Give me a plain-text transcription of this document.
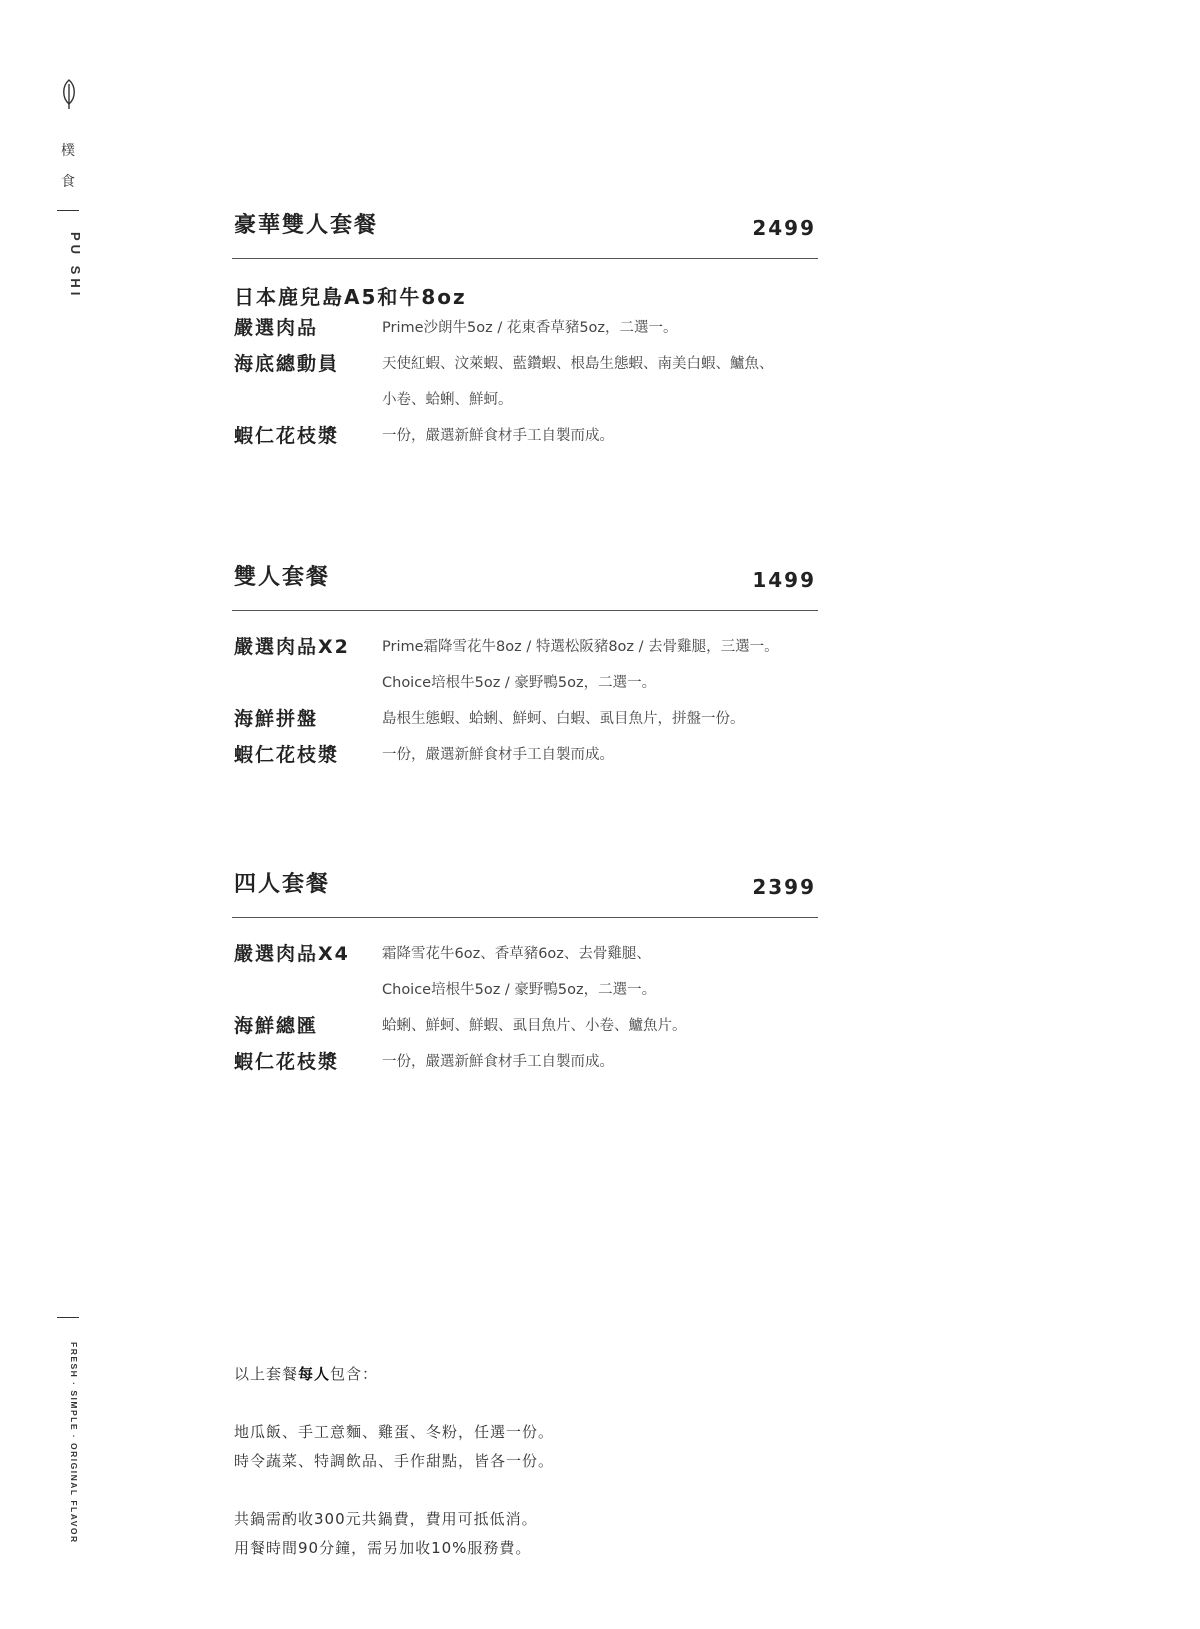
樸
食
PU SHI
FRESH · SIMPLE · ORIGINAL FLAVOR
豪華雙人套餐	2499
日本鹿兒島A5和牛8oz
嚴選肉品	Prime沙朗牛5oz / 花東香草豬5oz，二選一。
海底總動員	天使紅蝦、汶萊蝦、藍鑽蝦、根島生態蝦、南美白蝦、鱸魚、
小卷、蛤蜊、鮮蚵。
蝦仁花枝漿	一份，嚴選新鮮食材手工自製而成。
雙人套餐	1499
嚴選肉品X2 Prime霜降雪花牛8oz / 特選松阪豬8oz / 去骨雞腿，三選一。
Choice培根牛5oz / 豪野鴨5oz，二選一。
海鮮拼盤	島根生態蝦、蛤蜊、鮮蚵、白蝦、虱目魚片，拼盤一份。
蝦仁花枝漿	一份，嚴選新鮮食材手工自製而成。
四人套餐	2399
嚴選肉品X4 霜降雪花牛6oz、香草豬6oz、去骨雞腿、
Choice培根牛5oz / 豪野鴨5oz，二選一。
海鮮總匯	蛤蜊、鮮蚵、鮮蝦、虱目魚片、小卷、鱸魚片。
蝦仁花枝漿	一份，嚴選新鮮食材手工自製而成。
以上套餐每人包含：
地瓜飯、手工意麵、雞蛋、冬粉，任選一份。
時令蔬菜、特調飲品、手作甜點，皆各一份。
共鍋需酌收300元共鍋費，費用可抵低消。
用餐時間90分鐘，需另加收10%服務費。
